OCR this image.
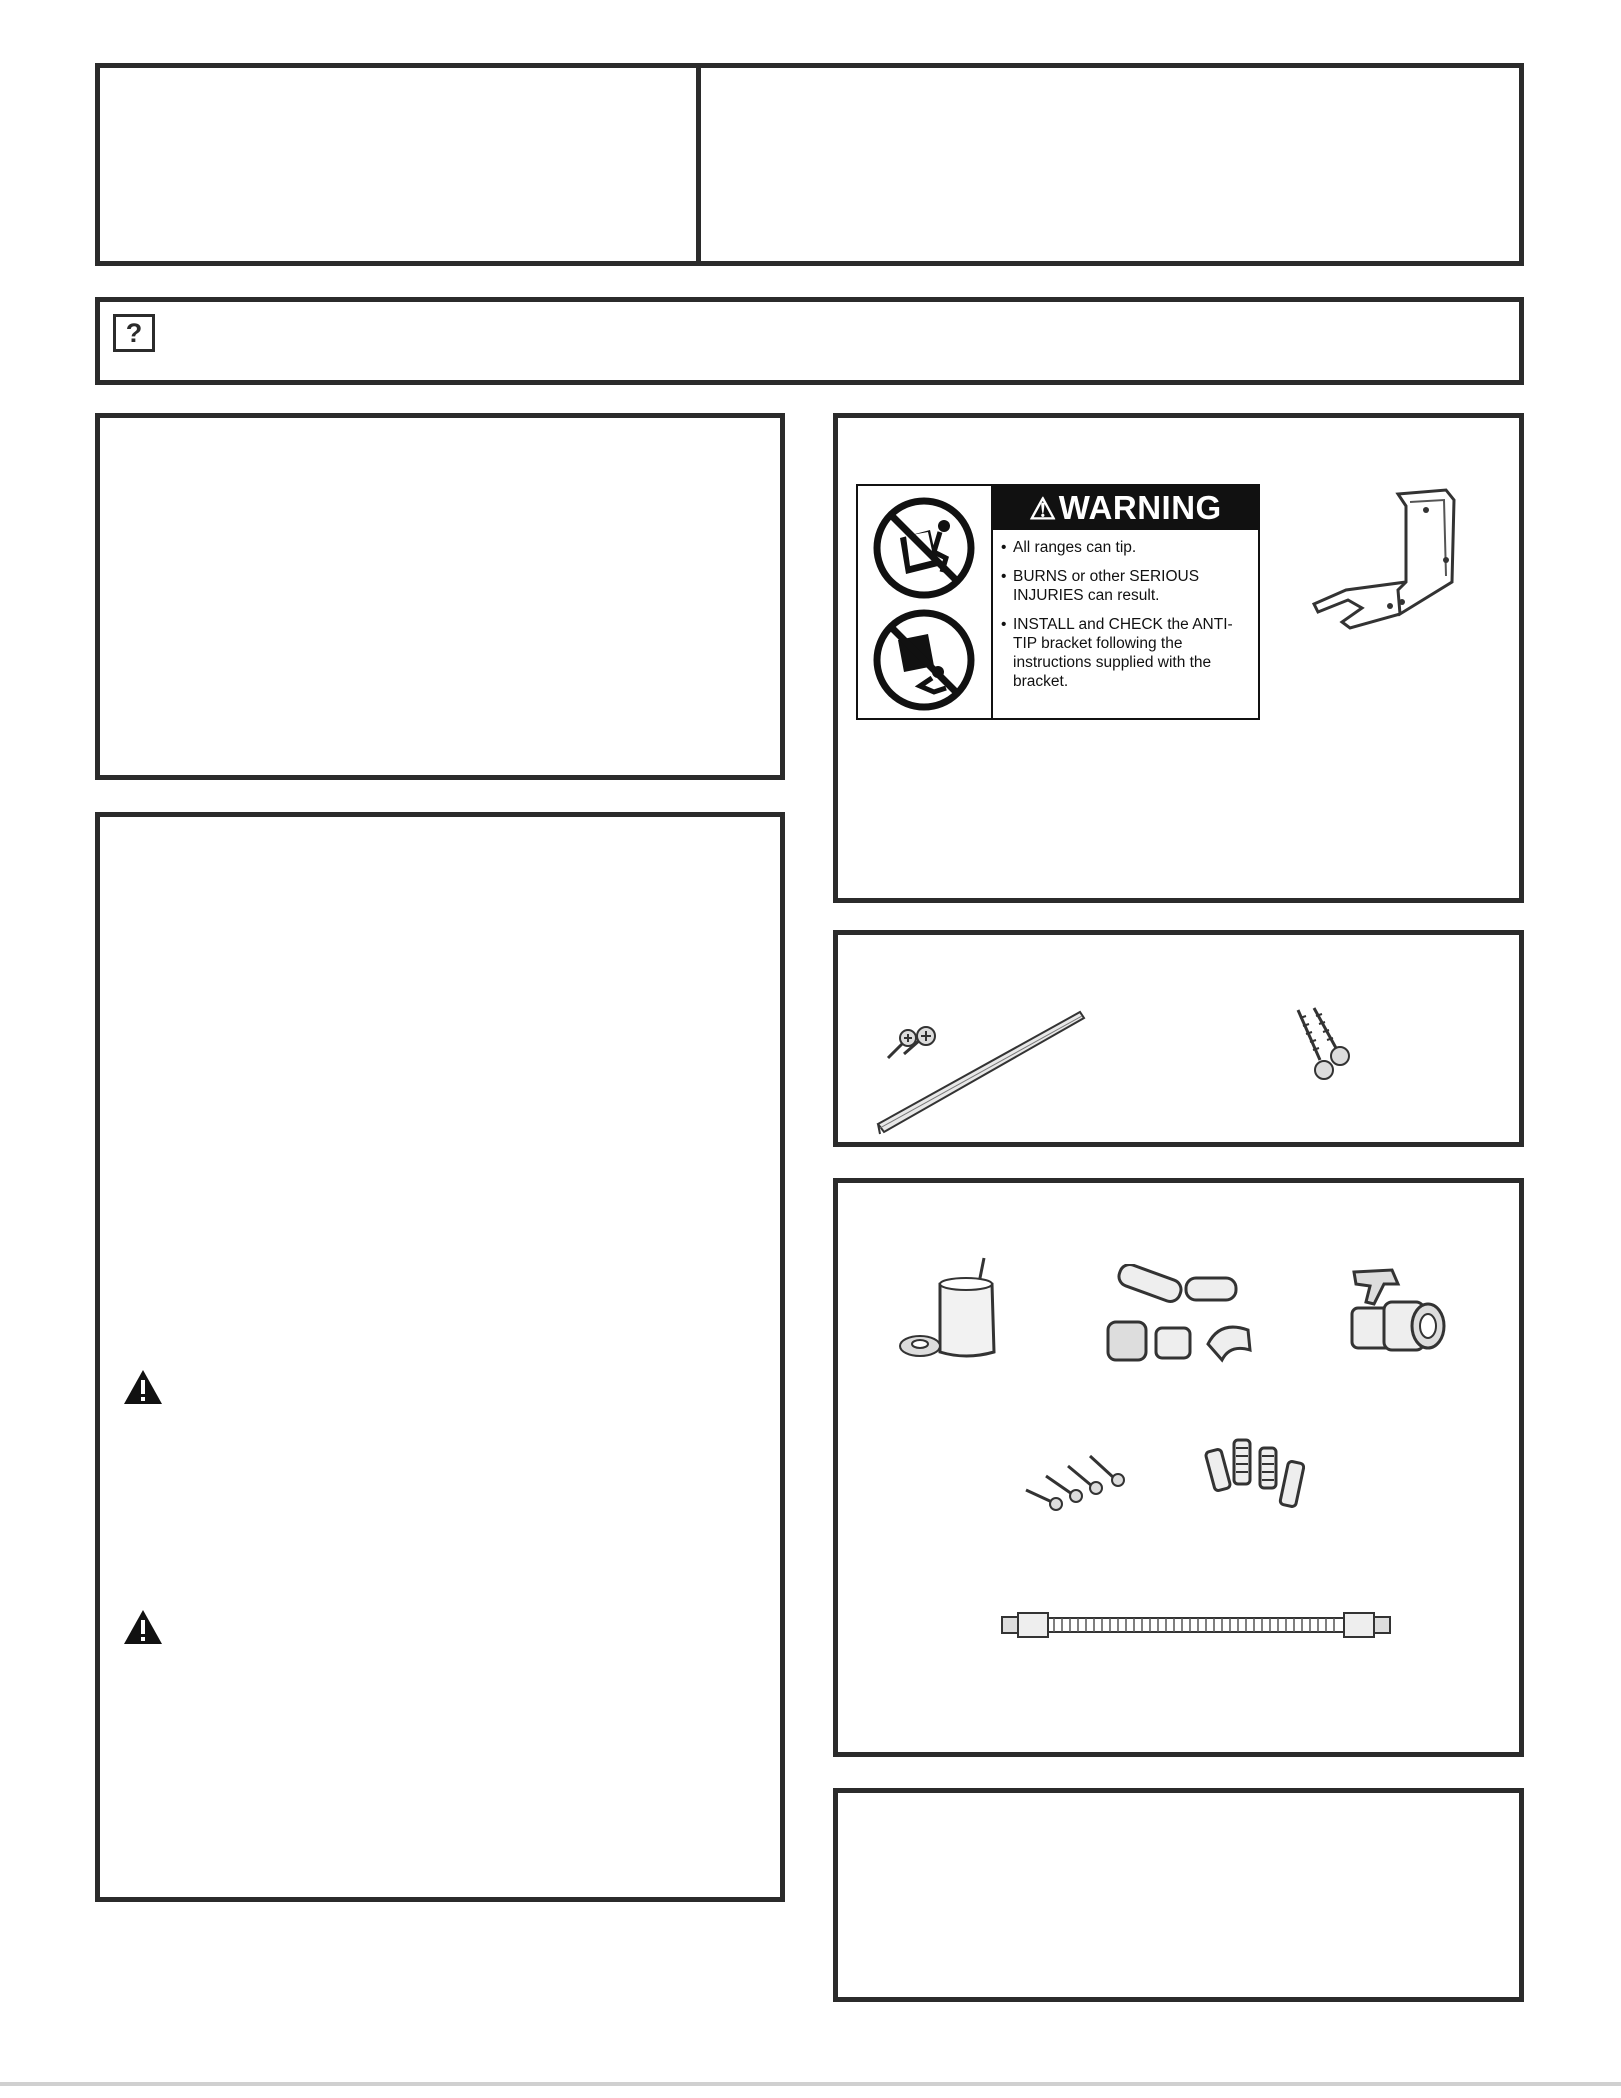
?
⚠WARNING
• All ranges can tip.
• BURNS or other SERIOUS INJURIES can result.
• INSTALL and CHECK the ANTI-TIP bracket following the instructions supplied with the bracket.
